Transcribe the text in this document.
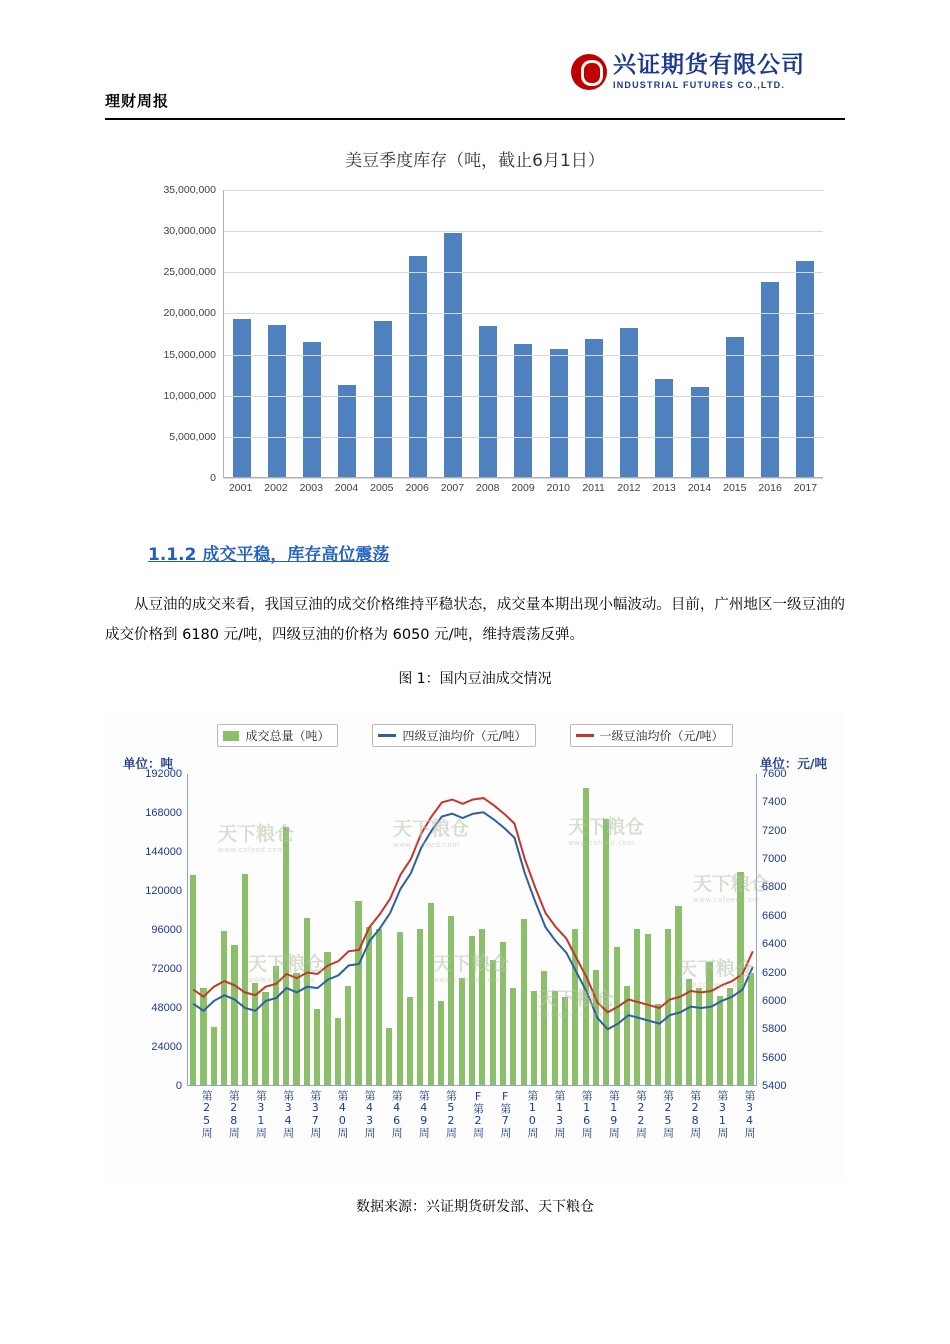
理财周报
兴证期货有限公司
INDUSTRIAL FUTURES CO.,LTD.
美豆季度库存（吨，截止6月1日）
35,000,000
30,000,000
25,000,000
20,000,000
15,000,000
10,000,000
5,000,000
0
2001	2002	2003	2004	2005	2006	2007	2008	2009	2010	2011	2012	2013	2014	2015	2016	2017
1.1.2 成交平稳，库存高位震荡
从豆油的成交来看，我国豆油的成交价格维持平稳状态，成交量本期出现小幅波动。目前，广州地区一级豆油的成交价格到 6180 元/吨，四级豆油的价格为 6050 元/吨，维持震荡反弹。
图 1：国内豆油成交情况
成交总量（吨）	四级豆油均价（元/吨）	一级豆油均价（元/吨）
单位：吨	单位：元/吨
天下粮仓
www.cofeed.com
天下粮仓
www.cofeed.com
天下粮仓
www.cofeed.com
天下粮仓
www.cofeed.com
天下粮仓
www.cofeed.com
天下粮仓
www.cofeed.com
天下粮仓
www.cofeed.com
天下粮仓
www.cofeed.com
192000
168000
144000
120000
96000
72000
48000
24000
0
7600
7400
7200
7000
6800
6600
6400
6200
6000
5800
5600
5400
第25周	第28周	第31周	第34周	第37周	第40周	第43周	第46周	第49周	第52周	F第2周	F第7周	第10周	第13周	第16周	第19周	第22周	第25周	第28周	第31周	第34周
数据来源：兴证期货研发部、天下粮仓
